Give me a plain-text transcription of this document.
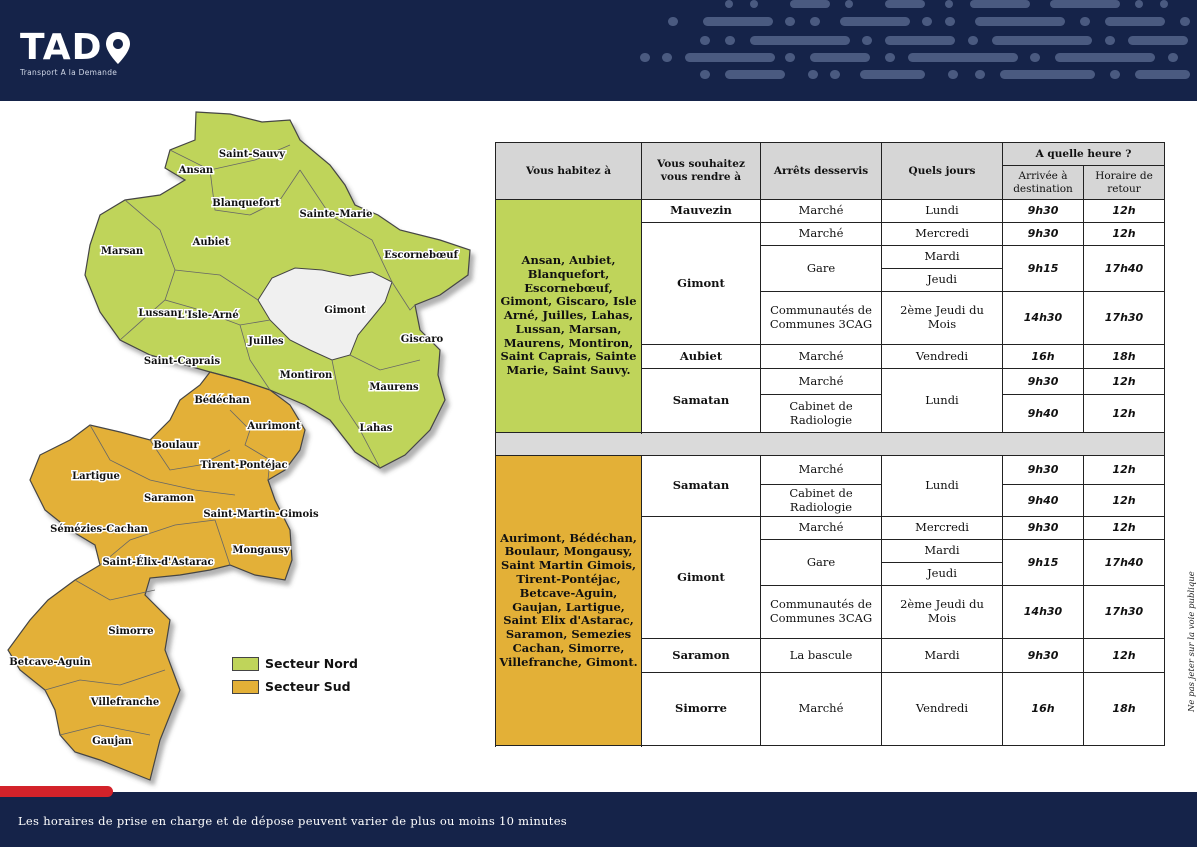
TAD
Transport A la Demande
Saint-Sauvy
Ansan
Blanquefort
Sainte-Marie
Marsan
Aubiet
Escornebœuf
Gimont
Lussan L'Isle-Arné
Juilles	Giscaro
Saint-Caprais
Montiron
Maurens
Bédéchan
Aurimont	Lahas
Boulaur
Tirent-Pontéjac
Lartigue
Saramon
Saint-Martin-Gimois
Sémézies-Cachan
Mongausy
Saint-Élix-d'Astarac
Simorre
Betcave-Aguin
Villefranche
Gaujan
Secteur Nord
Secteur Sud
Vous habitez à	Vous souhaitez vous rendre à	Arrêts desservis	Quels jours	A quelle heure ?	
				Arrivée à destination	Horaire de retour
Ansan, Aubiet, Blanquefort, Escornebœuf, Gimont, Giscaro, Isle Arné, Juilles, Lahas, Lussan, Marsan, Maurens, Montiron, Saint Caprais, Sainte Marie, Saint Sauvy.	Mauvezin	Marché	Lundi	9h30	12h
	Gimont	Marché	Mercredi	9h30	12h
		Gare	Mardi	9h15	17h40
			Jeudi		
		Communautés de Communes 3CAG	2ème Jeudi du Mois	14h30	17h30
	Aubiet	Marché	Vendredi	16h	18h
	Samatan	Marché	Lundi	9h30	12h
		Cabinet de Radiologie		9h40	12h

Aurimont, Bédéchan, Boulaur, Mongausy, Saint Martin Gimois, Tirent-Pontéjac, Betcave-Aguin, Gaujan, Lartigue, Saint Elix d'Astarac, Saramon, Semezies Cachan, Simorre, Villefranche, Gimont.	Samatan	Marché	Lundi	9h30	12h
		Cabinet de Radiologie		9h40	12h
	Gimont	Marché	Mercredi	9h30	12h
		Gare	Mardi	9h15	17h40
			Jeudi		
		Communautés de Communes 3CAG	2ème Jeudi du Mois	14h30	17h30
	Saramon	La bascule	Mardi	9h30	12h
	Simorre	Marché	Vendredi	16h	18h	Ne pas jeter sur la voie publique
Les horaires de prise en charge et de dépose peuvent varier de plus ou moins 10 minutes
